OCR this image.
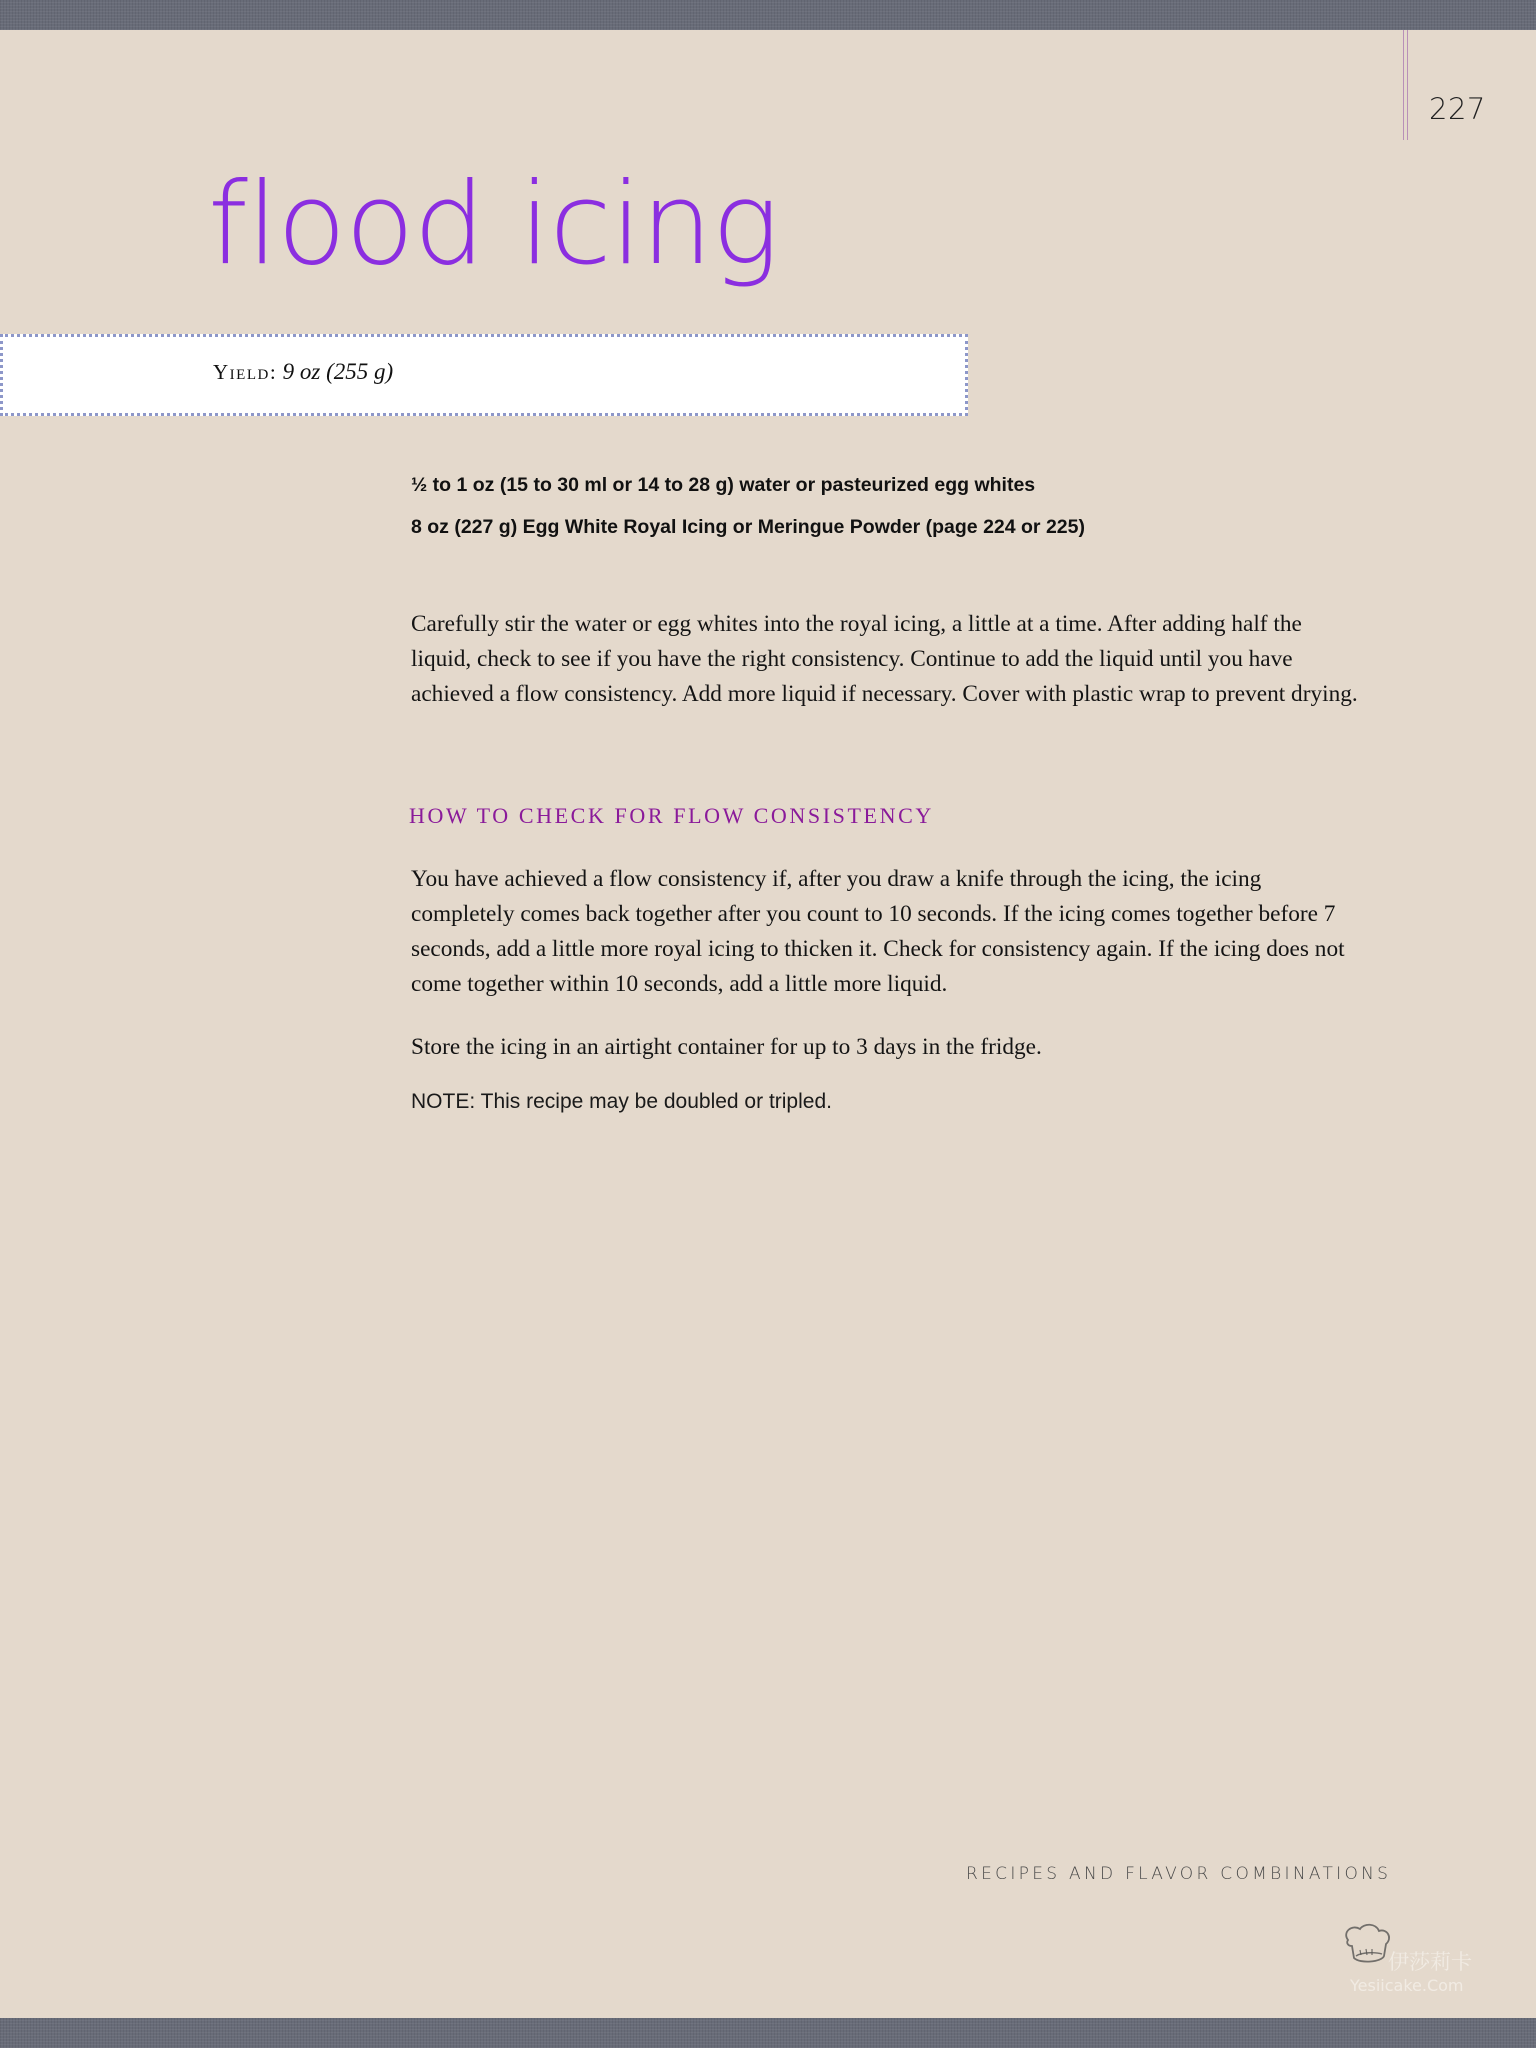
227
flood icing
Yield: 9 oz (255 g)
½ to 1 oz (15 to 30 ml or 14 to 28 g) water or pasteurized egg whites
8 oz (227 g) Egg White Royal Icing or Meringue Powder (page 224 or 225)

Carefully stir the water or egg whites into the royal icing, a little at a time. After adding half the liquid, check to see if you have the right consistency. Continue to add the liquid until you have achieved a flow consistency. Add more liquid if necessary. Cover with plastic wrap to prevent drying.

HOW TO CHECK FOR FLOW CONSISTENCY

You have achieved a flow consistency if, after you draw a knife through the icing, the icing completely comes back together after you count to 10 seconds. If the icing comes together before 7 seconds, add a little more royal icing to thicken it. Check for consistency again. If the icing does not come together within 10 seconds, add a little more liquid.

Store the icing in an airtight container for up to 3 days in the fridge.

NOTE: This recipe may be doubled or tripled.
RECIPES AND FLAVOR COMBINATIONS
伊莎莉卡
Yesiicake.Com
